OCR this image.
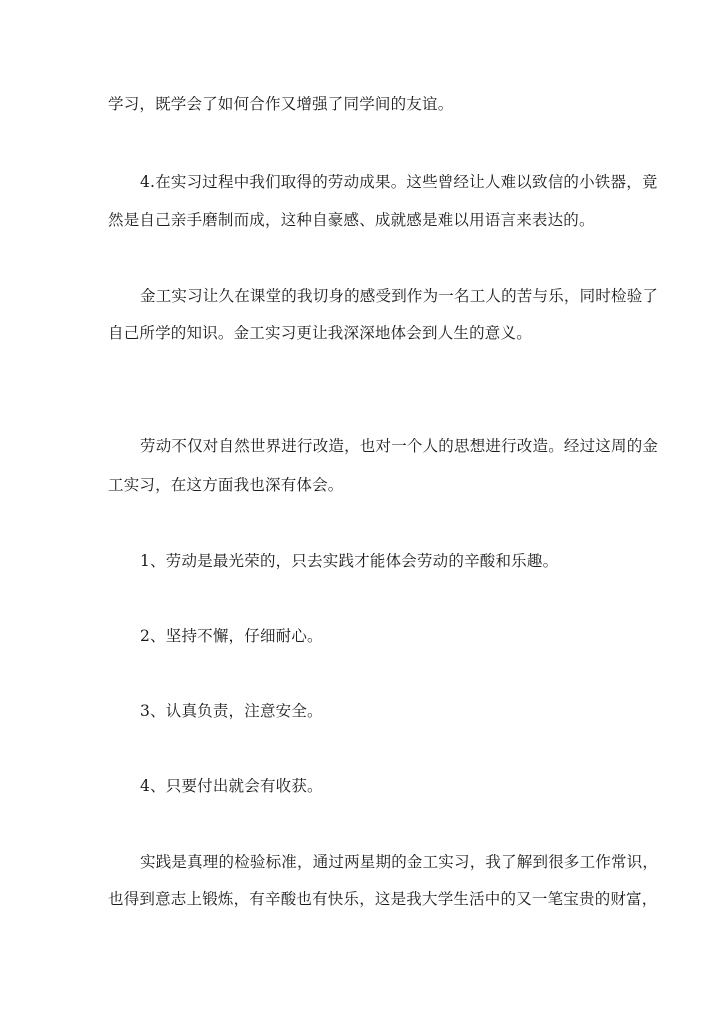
学习，既学会了如何合作又增强了同学间的友谊。
4.在实习过程中我们取得的劳动成果。这些曾经让人难以致信的小铁器，竟
然是自己亲手磨制而成，这种自豪感、成就感是难以用语言来表达的。
金工实习让久在课堂的我切身的感受到作为一名工人的苦与乐，同时检验了
自己所学的知识。金工实习更让我深深地体会到人生的意义。
劳动不仅对自然世界进行改造，也对一个人的思想进行改造。经过这周的金
工实习，在这方面我也深有体会。
1、劳动是最光荣的，只去实践才能体会劳动的辛酸和乐趣。
2、坚持不懈，仔细耐心。
3、认真负责，注意安全。
4、只要付出就会有收获。
实践是真理的检验标准，通过两星期的金工实习，我了解到很多工作常识，
也得到意志上锻炼，有辛酸也有快乐，这是我大学生活中的又一笔宝贵的财富，
